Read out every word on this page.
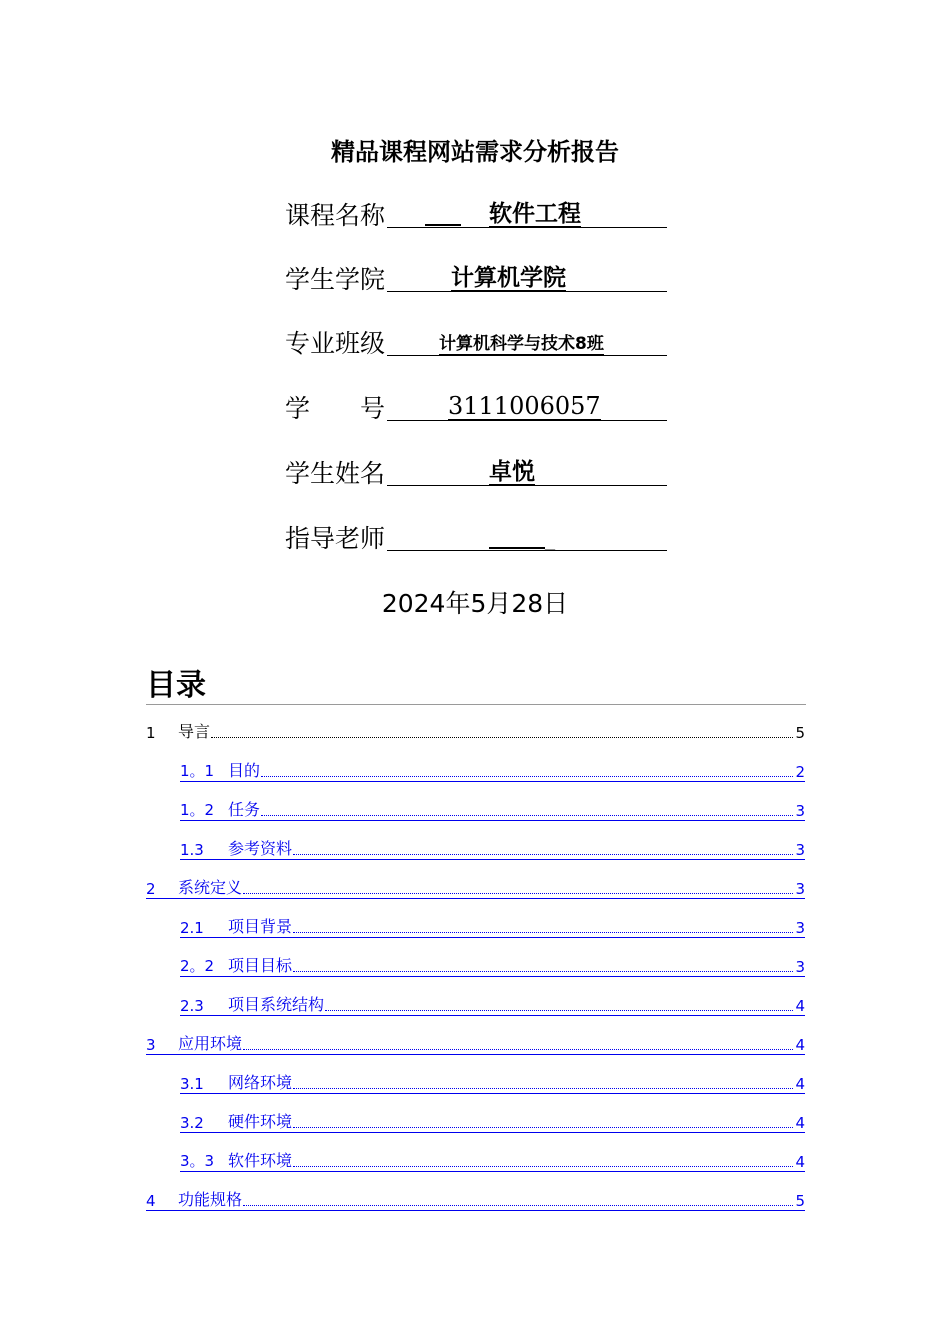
精品课程网站需求分析报告
课程名称	软件工程
学生学院	计算机学院
专业班级	计算机科学与技术8班
学　　号	3111006057
学生姓名	卓悦
指导老师	_
2024年5月28日
目录
1	导言	5
1。1 目的	2
1。2 任务	3
1.3	参考资料	3
2	系统定义	3
2.1	项目背景	3
2。2 项目目标	3
2.3	项目系统结构	4
3	应用环境	4
3.1	网络环境	4
3.2	硬件环境	4
3。3 软件环境	4
4	功能规格	5
